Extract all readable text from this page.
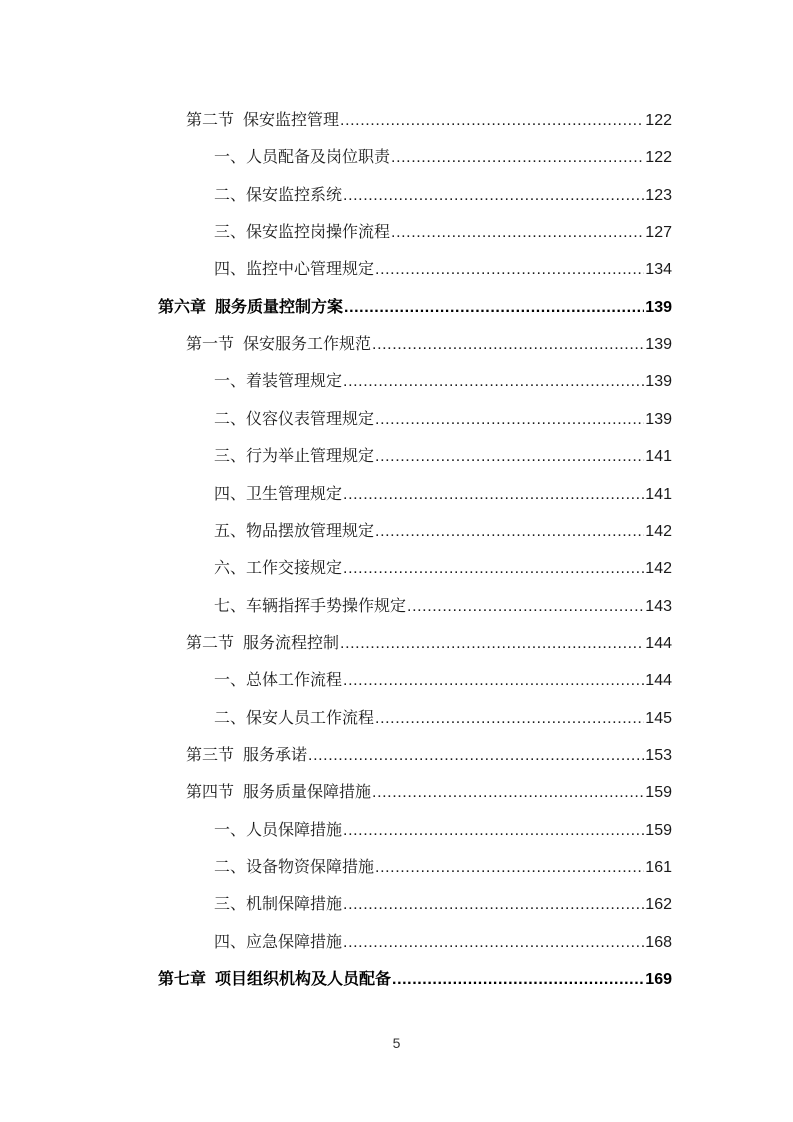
第二节 保安监控管理 .....	122
一、 人员配备及岗位职责 .....	122
二、 保安监控系统 .....	123
三、 保安监控岗操作流程 .....	127
四、 监控中心管理规定 .....	134
第六章 服务质量控制方案 .....	139
第一节 保安服务工作规范 .....	139
一、 着装管理规定 .....	139
二、 仪容仪表管理规定 .....	139
三、 行为举止管理规定 .....	141
四、 卫生管理规定 .....	141
五、 物品摆放管理规定 .....	142
六、 工作交接规定 .....	142
七、 车辆指挥手势操作规定 .....	143
第二节 服务流程控制 .....	144
一、 总体工作流程 .....	144
二、 保安人员工作流程 .....	145
第三节 服务承诺 .....	153
第四节 服务质量保障措施 .....	159
一、 人员保障措施 .....	159
二、 设备物资保障措施 .....	161
三、 机制保障措施 .....	162
四、 应急保障措施 .....	168
第七章 项目组织机构及人员配备 .....	169
5
